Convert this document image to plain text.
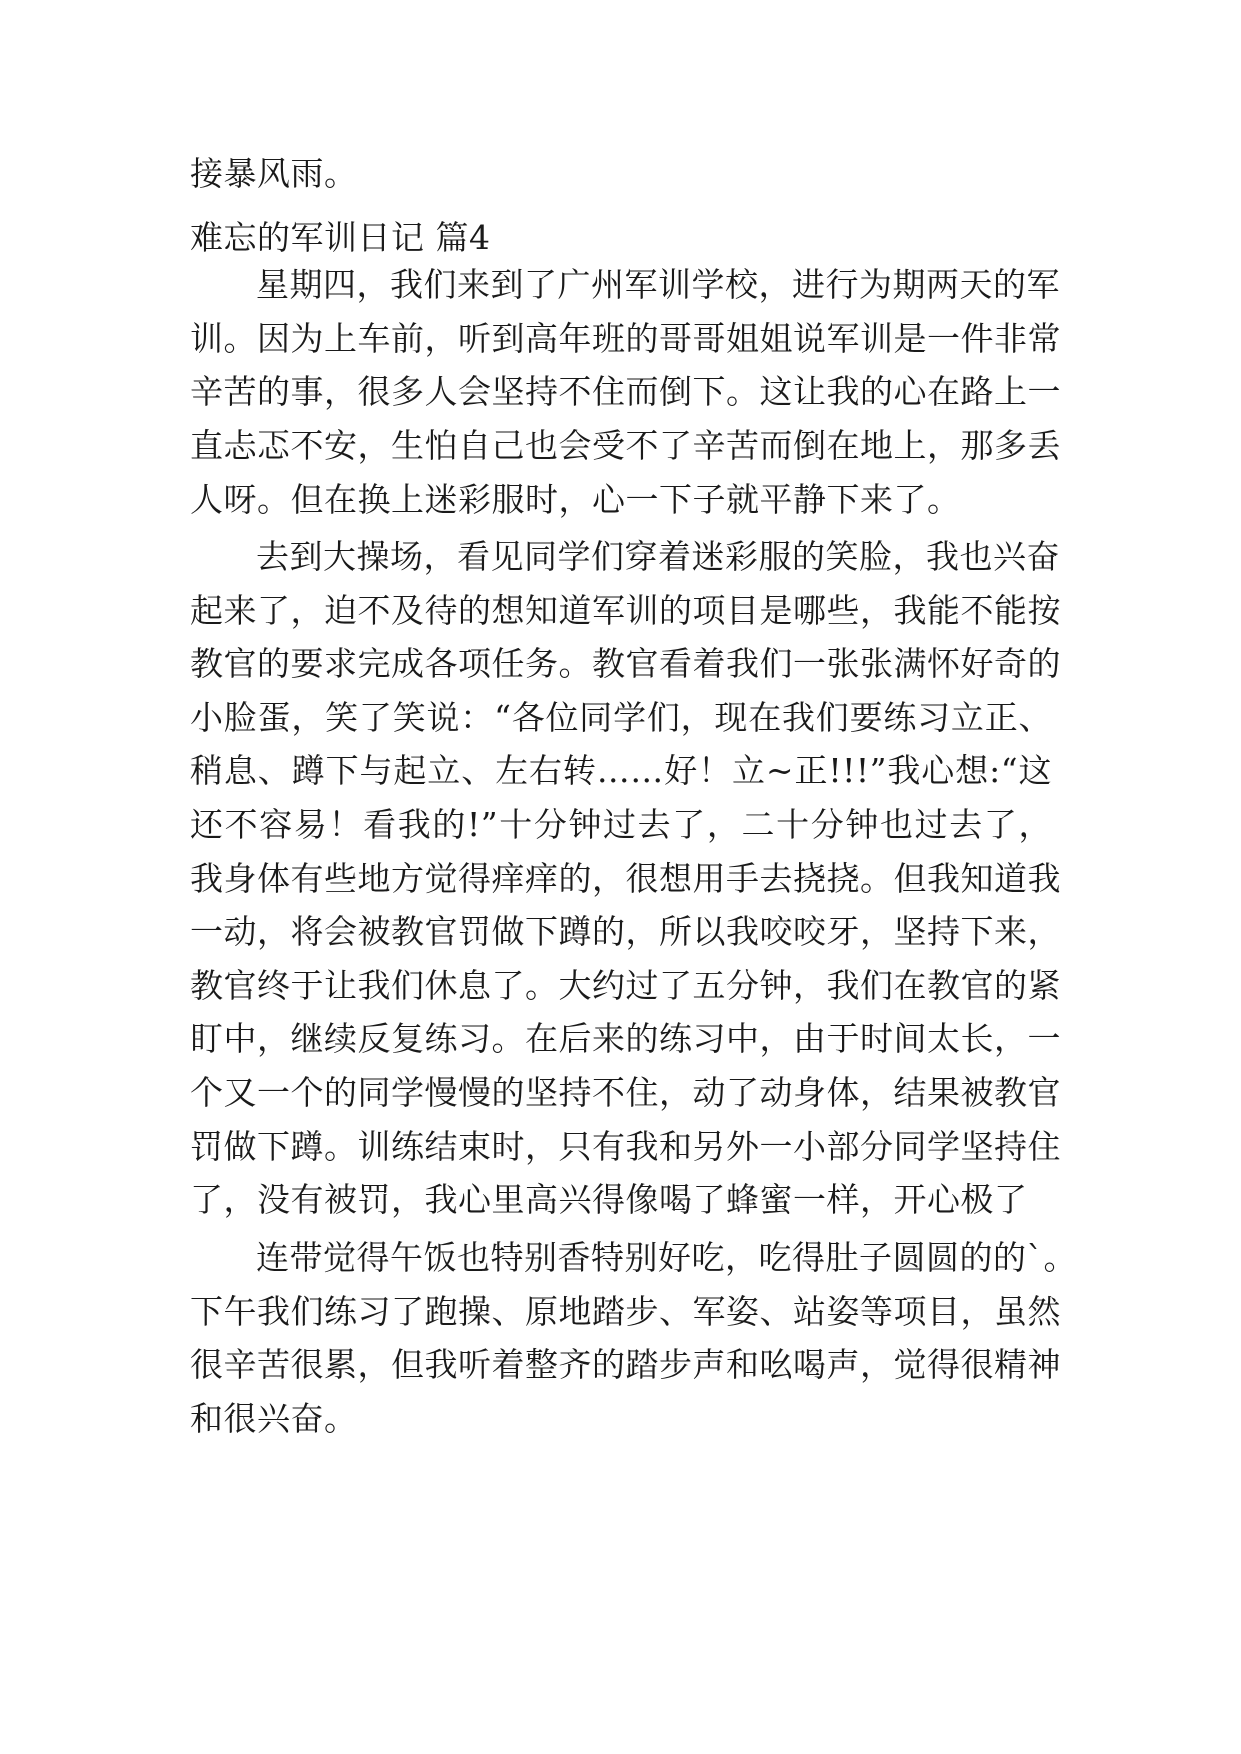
接暴风雨。
难忘的军训日记 篇4
星期四，我们来到了广州军训学校，进行为期两天的军
训。因为上车前，听到高年班的哥哥姐姐说军训是一件非常
辛苦的事，很多人会坚持不住而倒下。这让我的心在路上一
直忐忑不安，生怕自己也会受不了辛苦而倒在地上，那多丢
人呀。但在换上迷彩服时，心一下子就平静下来了。
去到大操场，看见同学们穿着迷彩服的笑脸，我也兴奋
起来了，迫不及待的想知道军训的项目是哪些，我能不能按
教官的要求完成各项任务。教官看着我们一张张满怀好奇的
小脸蛋，笑了笑说：“各位同学们，现在我们要练习立正、
稍息、蹲下与起立、左右转……好！立~正!!!”我心想:“这
还不容易！看我的!”十分钟过去了，二十分钟也过去了，
我身体有些地方觉得痒痒的，很想用手去挠挠。但我知道我
一动，将会被教官罚做下蹲的，所以我咬咬牙，坚持下来，
教官终于让我们休息了。大约过了五分钟，我们在教官的紧
盯中，继续反复练习。在后来的练习中，由于时间太长，一
个又一个的同学慢慢的坚持不住，动了动身体，结果被教官
罚做下蹲。训练结束时，只有我和另外一小部分同学坚持住
了，没有被罚，我心里高兴得像喝了蜂蜜一样，开心极了
连带觉得午饭也特别香特别好吃，吃得肚子圆圆的的`。
下午我们练习了跑操、原地踏步、军姿、站姿等项目，虽然
很辛苦很累，但我听着整齐的踏步声和吆喝声，觉得很精神
和很兴奋。
